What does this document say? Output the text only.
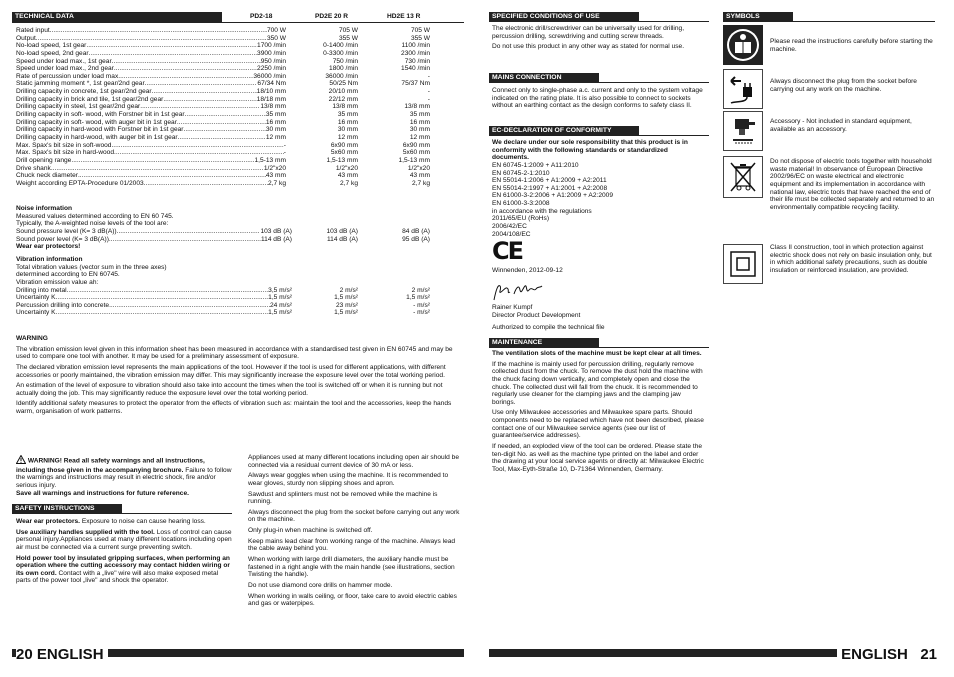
TECHNICAL DATA	PD2-18	PD2E 20 R	HD2E 13 R
Rated input .....	700 W	705 W	705 W
Output .....	350 W	355 W	355 W
No-load speed, 1st gear .....	1700 /min	0-1400 /min	1100 /min
No-load speed, 2nd gear .....	3900 /min	0-3300 /min	2300 /min
Speed under load max., 1st gear .....	950 /min	750 /min	730 /min
Speed under load max., 2nd gear .....	2250 /min	1800 /min	1540 /min
Rate of percussion under load max. .....	36000 /min	36000 /min	-
Static jamming moment *, 1st gear/2nd gear .....	67/34 Nm	50/25 Nm	75/37 Nm
Drilling capacity in concrete, 1st gear/2nd gear .....	18/10 mm	20/10 mm	-
Drilling capacity in brick and tile, 1st gear/2nd gear .....	18/18 mm	22/12 mm	-
Drilling capacity in steel, 1st gear/2nd gear .....	13/8 mm	13/8 mm	13/8 mm
Drilling capacity in soft- wood, with Forstner bit in 1st gear .....	35 mm	35 mm	35 mm
Drilling capacity in soft- wood, with auger bit in 1st gear .....	16 mm	16 mm	16 mm
Drilling capacity in hard-wood with Forstner bit in 1st gear .....	30 mm	30 mm	30 mm
Drilling capacity in hard-wood, with auger bit in 1st gear .....	12 mm	12 mm	12 mm
Max. Spax's bit size in soft-wood .....	-	6x90 mm	6x90 mm
Max. Spax's bit size in hard-wood .....	-	5x60 mm	5x60 mm
Drill opening range .....	1,5-13 mm	1,5-13 mm	1,5-13 mm
Drive shank .....	1/2"x20	1/2"x20	1/2"x20
Chuck neck diameter .....	43 mm	43 mm	43 mm
Weight according EPTA-Procedure 01/2003 .....	2,7 kg	2,7 kg	2,7 kg
Noise information
Measured values determined according to EN 60 745.
Typically, the A-weighted noise levels of the tool are:
Sound pressure level (K= 3 dB(A)) .....	103 dB (A)	103 dB (A)	84 dB (A)
Sound power level (K= 3 dB(A)) .....	114 dB (A)	114 dB (A)	95 dB (A)
Wear ear protectors!
Vibration information
Total vibration values (vector sum in the three axes)
determined according to EN 60745.
Vibration emission value ah:
Drilling into metal .....	3,5 m/s²	2 m/s²	2 m/s²
Uncertainty K .....	1,5 m/s²	1,5 m/s²	1,5 m/s²
Percussion drilling into concrete .....	24 m/s²	23 m/s²	- m/s²
Uncertainty K .....	1,5 m/s²	1,5 m/s²	- m/s²
WARNING
The vibration emission level given in this information sheet has been measured in accordance with a standardised test given in EN 60745 and may be used to compare one tool with another. It may be used for a preliminary assessment of exposure.
The declared vibration emission level represents the main applications of the tool. However if the tool is used for different applications, with different accessories or poorly maintained, the vibration emission may differ. This may significantly increase the exposure level over the total working period.
An estimation of the level of exposure to vibration should also take into account the times when the tool is switched off or when it is running but not actually doing the job. This may significantly reduce the exposure level over the total working period.
Identify additional safety measures to protect the operator from the effects of vibration such as: maintain the tool and the accessories, keep the hands warm, organisation of work patterns.
WARNING! Read all safety warnings and all instructions, including those given in the accompanying brochure. Failure to follow the warnings and instructions may result in electric shock, fire and/or serious injury.
Save all warnings and instructions for future reference.
SAFETY INSTRUCTIONS
Wear ear protectors. Exposure to noise can cause hearing loss.
Use auxiliary handles supplied with the tool. Loss of control can cause personal injury.Appliances used at many different locations including open air must be connected via a current surge preventing switch.
Hold power tool by insulated gripping surfaces, when performing an operation where the cutting accessory may contact hidden wiring or its own cord. Contact with a „live" wire will also make exposed metal parts of the power tool „live" and shock the operator.
Appliances used at many different locations including open air should be connected via a residual current device of 30 mA or less.
Always wear goggles when using the machine. It is recommended to wear gloves, sturdy non slipping shoes and apron.
Sawdust and splinters must not be removed while the machine is running.
Always disconnect the plug from the socket before carrying out any work on the machine.
Only plug-in when machine is switched off.
Keep mains lead clear from working range of the machine. Always lead the cable away behind you.
When working with large drill diameters, the auxiliary handle must be fastened in a right angle with the main handle (see illustrations, section Twisting the handle).
Do not use diamond core drills on hammer mode.
When working in walls ceiling, or floor, take care to avoid electric cables and gas or waterpipes.
20 ENGLISH
SPECIFIED CONDITIONS OF USE
The electronic drill/screwdriver can be universally used for drilling, percussion drilling, screwdriving and cutting screw threads.
Do not use this product in any other way as stated for normal use.
MAINS CONNECTION
Connect only to single-phase a.c. current and only to the system voltage indicated on the rating plate. It is also possible to connect to sockets without an earthing contact as the design conforms to safety class II.
EC-DECLARATION OF CONFORMITY
We declare under our sole responsibility that this product is in conformity with the following standards or standardized documents.
EN 60745-1:2009 + A11:2010
EN 60745-2-1:2010
EN 55014-1:2006 + A1:2009 + A2:2011
EN 55014-2:1997 + A1:2001 + A2:2008
EN 61000-3-2:2006 + A1:2009 + A2:2009
EN 61000-3-3:2008
in accordance with the regulations
2011/65/EU (RoHs)
2006/42/EC
2004/108/EC
CE
Winnenden, 2012-09-12
Rainer Kumpf
Director Product Development
Authorized to compile the technical file
MAINTENANCE
The ventilation slots of the machine must be kept clear at all times.
If the machine is mainly used for percussion drilling, regularly remove collected dust from the chuck. To remove the dust hold the machine with the chuck facing down vertically, and completely open and close the chuck. The collected dust will fall from the chuck. It is recommended to regularly use cleaner for the clamping jaws and the clamping jaw borings.
Use only Milwaukee accessories and Milwaukee spare parts. Should components need to be replaced which have not been described, please contact one of our Milwaukee service agents (see our list of guarantee/service addresses).
If needed, an exploded view of the tool can be ordered. Please state the ten-digit No. as well as the machine type printed on the label and order the drawing at your local service agents or directly at: Milwaukee Electric Tool, Max-Eyth-Straße 10, D-71364 Winnenden, Germany.
SYMBOLS
Please read the instructions carefully before starting the machine.
Always disconnect the plug from the socket before carrying out any work on the machine.
Accessory - Not included in standard equipment, available as an accessory.
Do not dispose of electric tools together with household waste material! In observance of European Directive 2002/96/EC on waste electrical and electronic equipment and its implementation in accordance with national law, electric tools that have reached the end of their life must be collected separately and returned to an environmentally compatible recycling facility.
Class II construction, tool in which protection against electric shock does not rely on basic insulation only, but in which additional safety precautions, such as double insulation or reinforced insulation, are provided.
ENGLISH   21
